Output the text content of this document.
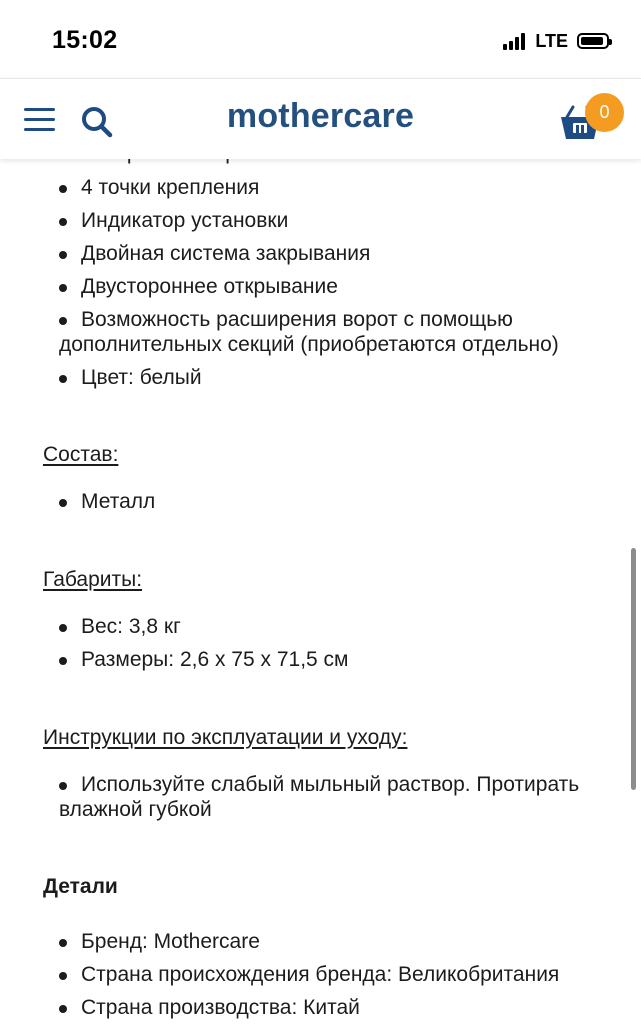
15:02	LTE
4 точки крепления
Индикатор установки
Двойная система закрывания
Двустороннее открывание
Возможность расширения ворот с помощью дополнительных секций (приобретаются отдельно)
Цвет: белый
Состав:
Металл
Габариты:
Вес: 3,8 кг
Размеры: 2,6 x 75 x 71,5 см
Инструкции по эксплуатации и уходу:
Используйте слабый мыльный раствор. Протирать влажной губкой
Детали
Бренд: Mothercare
Страна происхождения бренда: Великобритания
Страна производства: Китай
mothercare	0
